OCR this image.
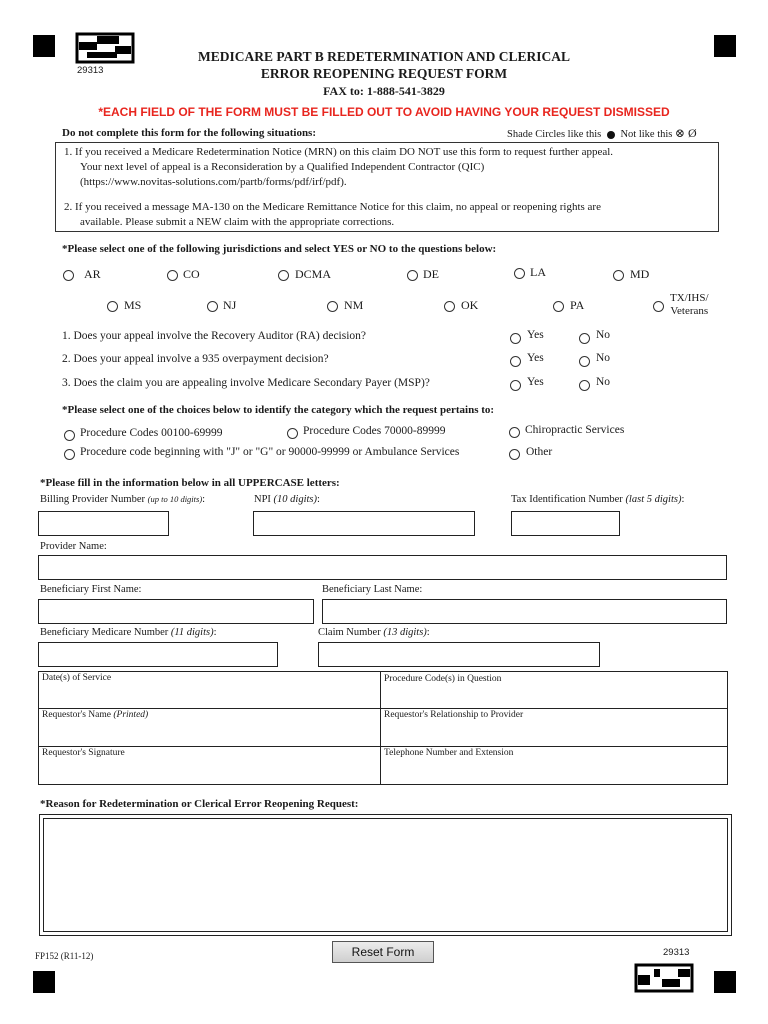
29313
MEDICARE PART B REDETERMINATION AND CLERICAL
ERROR REOPENING REQUEST FORM
FAX to: 1-888-541-3829
*EACH FIELD OF THE FORM MUST BE FILLED OUT TO AVOID HAVING YOUR REQUEST DISMISSED
Do not complete this form for the following situations:	Shade Circles like this Not like this ⊗ Ø
1. If you received a Medicare Redetermination Notice (MRN) on this claim DO NOT use this form to request further appeal.
Your next level of appeal is a Reconsideration by a Qualified Independent Contractor (QIC)
(https://www.novitas-solutions.com/partb/forms/pdf/irf/pdf).
2. If you received a message MA-130 on the Medicare Remittance Notice for this claim, no appeal or reopening rights are
available. Please submit a NEW claim with the appropriate corrections.
*Please select one of the following jurisdictions and select YES or NO to the questions below:
AR	CO	DCMA	DE	LA	MD
MS	NJ	NM	OK	PA	TX/IHS/
Veterans
1. Does your appeal involve the Recovery Auditor (RA) decision?	Yes	No
2. Does your appeal involve a 935 overpayment decision?	Yes	No
3. Does the claim you are appealing involve Medicare Secondary Payer (MSP)?	Yes	No
*Please select one of the choices below to identify the category which the request pertains to:
Procedure Codes 00100-69999	Procedure Codes 70000-89999	Chiropractic Services
Procedure code beginning with "J" or "G" or 90000-99999 or Ambulance Services	Other
*Please fill in the information below in all UPPERCASE letters:
Billing Provider Number (up to 10 digits):	NPI (10 digits):	Tax Identification Number (last 5 digits):
Provider Name:
Beneficiary First Name:	Beneficiary Last Name:
Beneficiary Medicare Number (11 digits):	Claim Number (13 digits):
Date(s) of Service	Procedure Code(s) in Question
Requestor's Name (Printed)	Requestor's Relationship to Provider
Requestor's Signature	Telephone Number and Extension
*Reason for Redetermination or Clerical Error Reopening Request:
Reset Form	29313
FP152 (R11-12)
